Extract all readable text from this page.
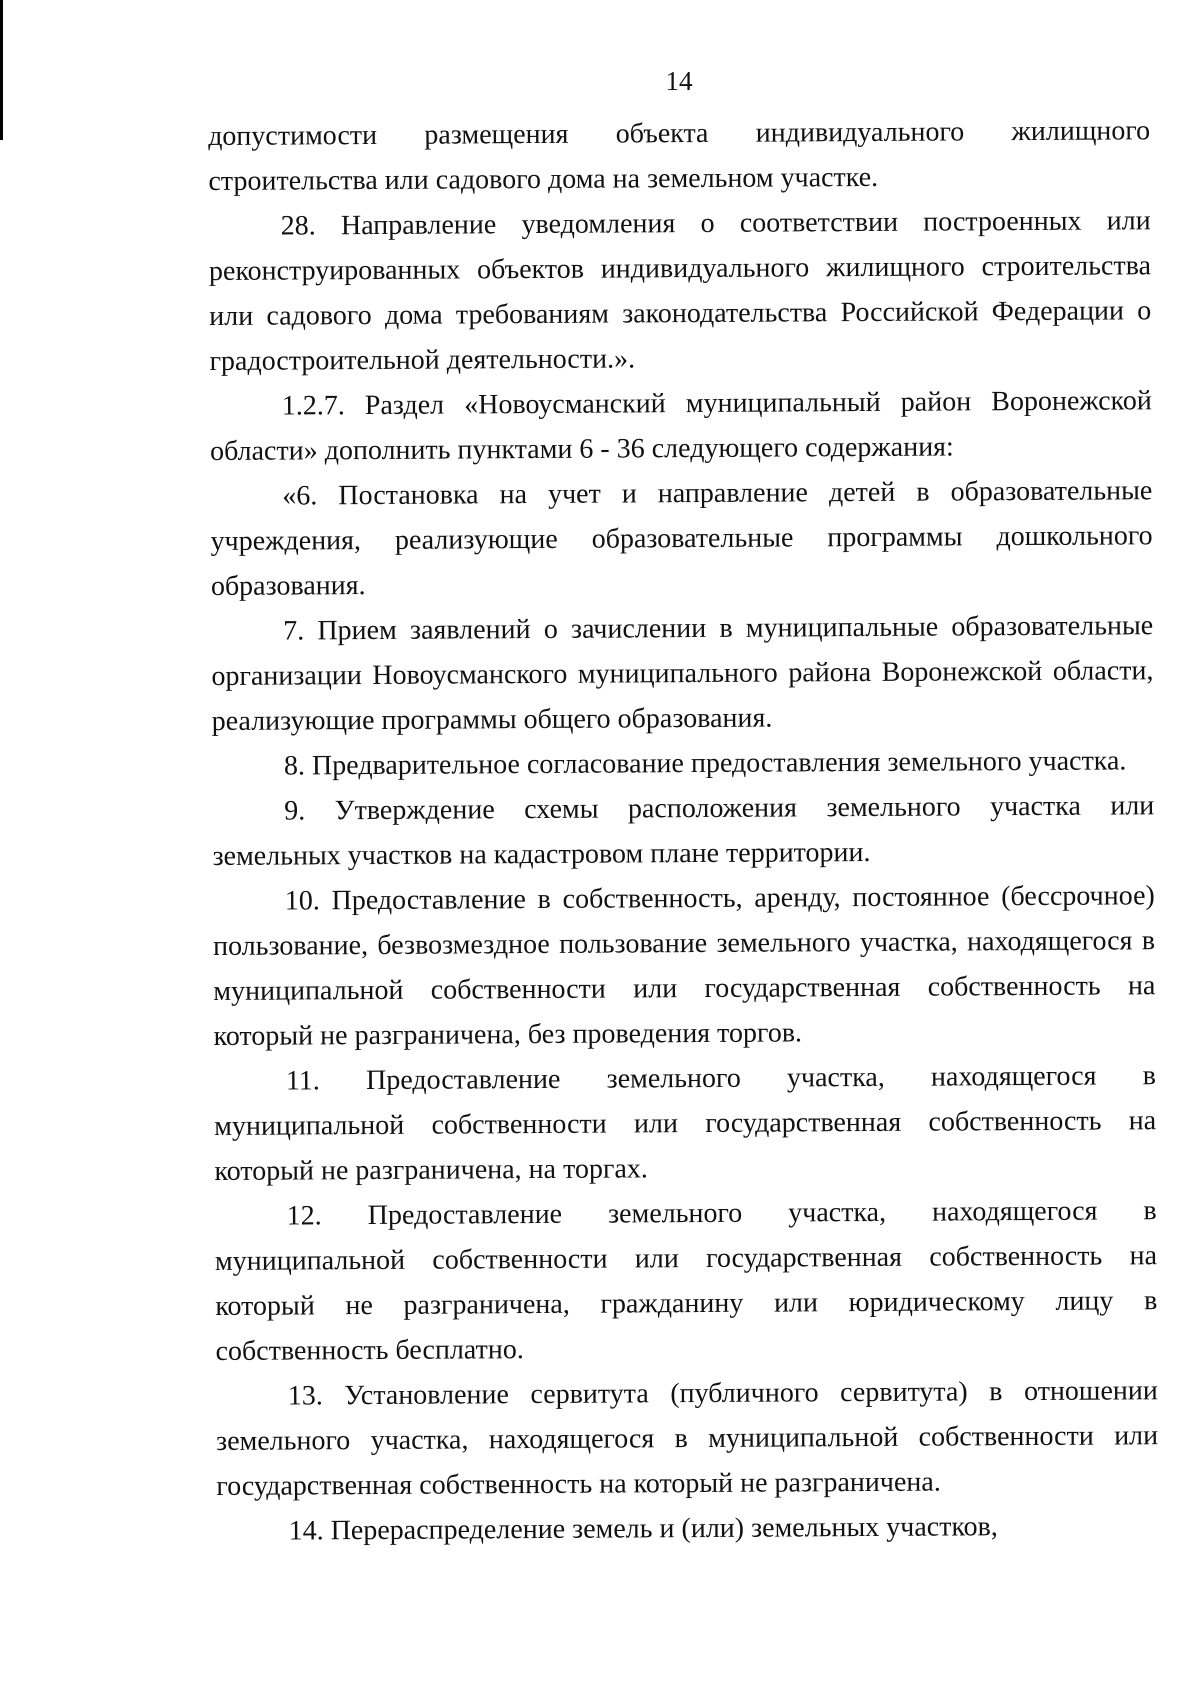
14

допустимости размещения объекта индивидуального жилищного строительства или садового дома на земельном участке.

28. Направление уведомления о соответствии построенных или реконструированных объектов индивидуального жилищного строительства или садового дома требованиям законодательства Российской Федерации о градостроительной деятельности.».

1.2.7. Раздел «Новоусманский муниципальный район Воронежской области» дополнить пунктами 6 - 36 следующего содержания:

«6. Постановка на учет и направление детей в образовательные учреждения, реализующие образовательные программы дошкольного образования.

7. Прием заявлений о зачислении в муниципальные образовательные организации Новоусманского муниципального района Воронежской области, реализующие программы общего образования.

8. Предварительное согласование предоставления земельного участка.

9. Утверждение схемы расположения земельного участка или земельных участков на кадастровом плане территории.

10. Предоставление в собственность, аренду, постоянное (бессрочное) пользование, безвозмездное пользование земельного участка, находящегося в муниципальной собственности или государственная собственность на который не разграничена, без проведения торгов.

11. Предоставление земельного участка, находящегося в муниципальной собственности или государственная собственность на который не разграничена, на торгах.

12. Предоставление земельного участка, находящегося в муниципальной собственности или государственная собственность на который не разграничена, гражданину или юридическому лицу в собственность бесплатно.

13. Установление сервитута (публичного сервитута) в отношении земельного участка, находящегося в муниципальной собственности или государственная собственность на который не разграничена.

14. Перераспределение земель и (или) земельных участков,
